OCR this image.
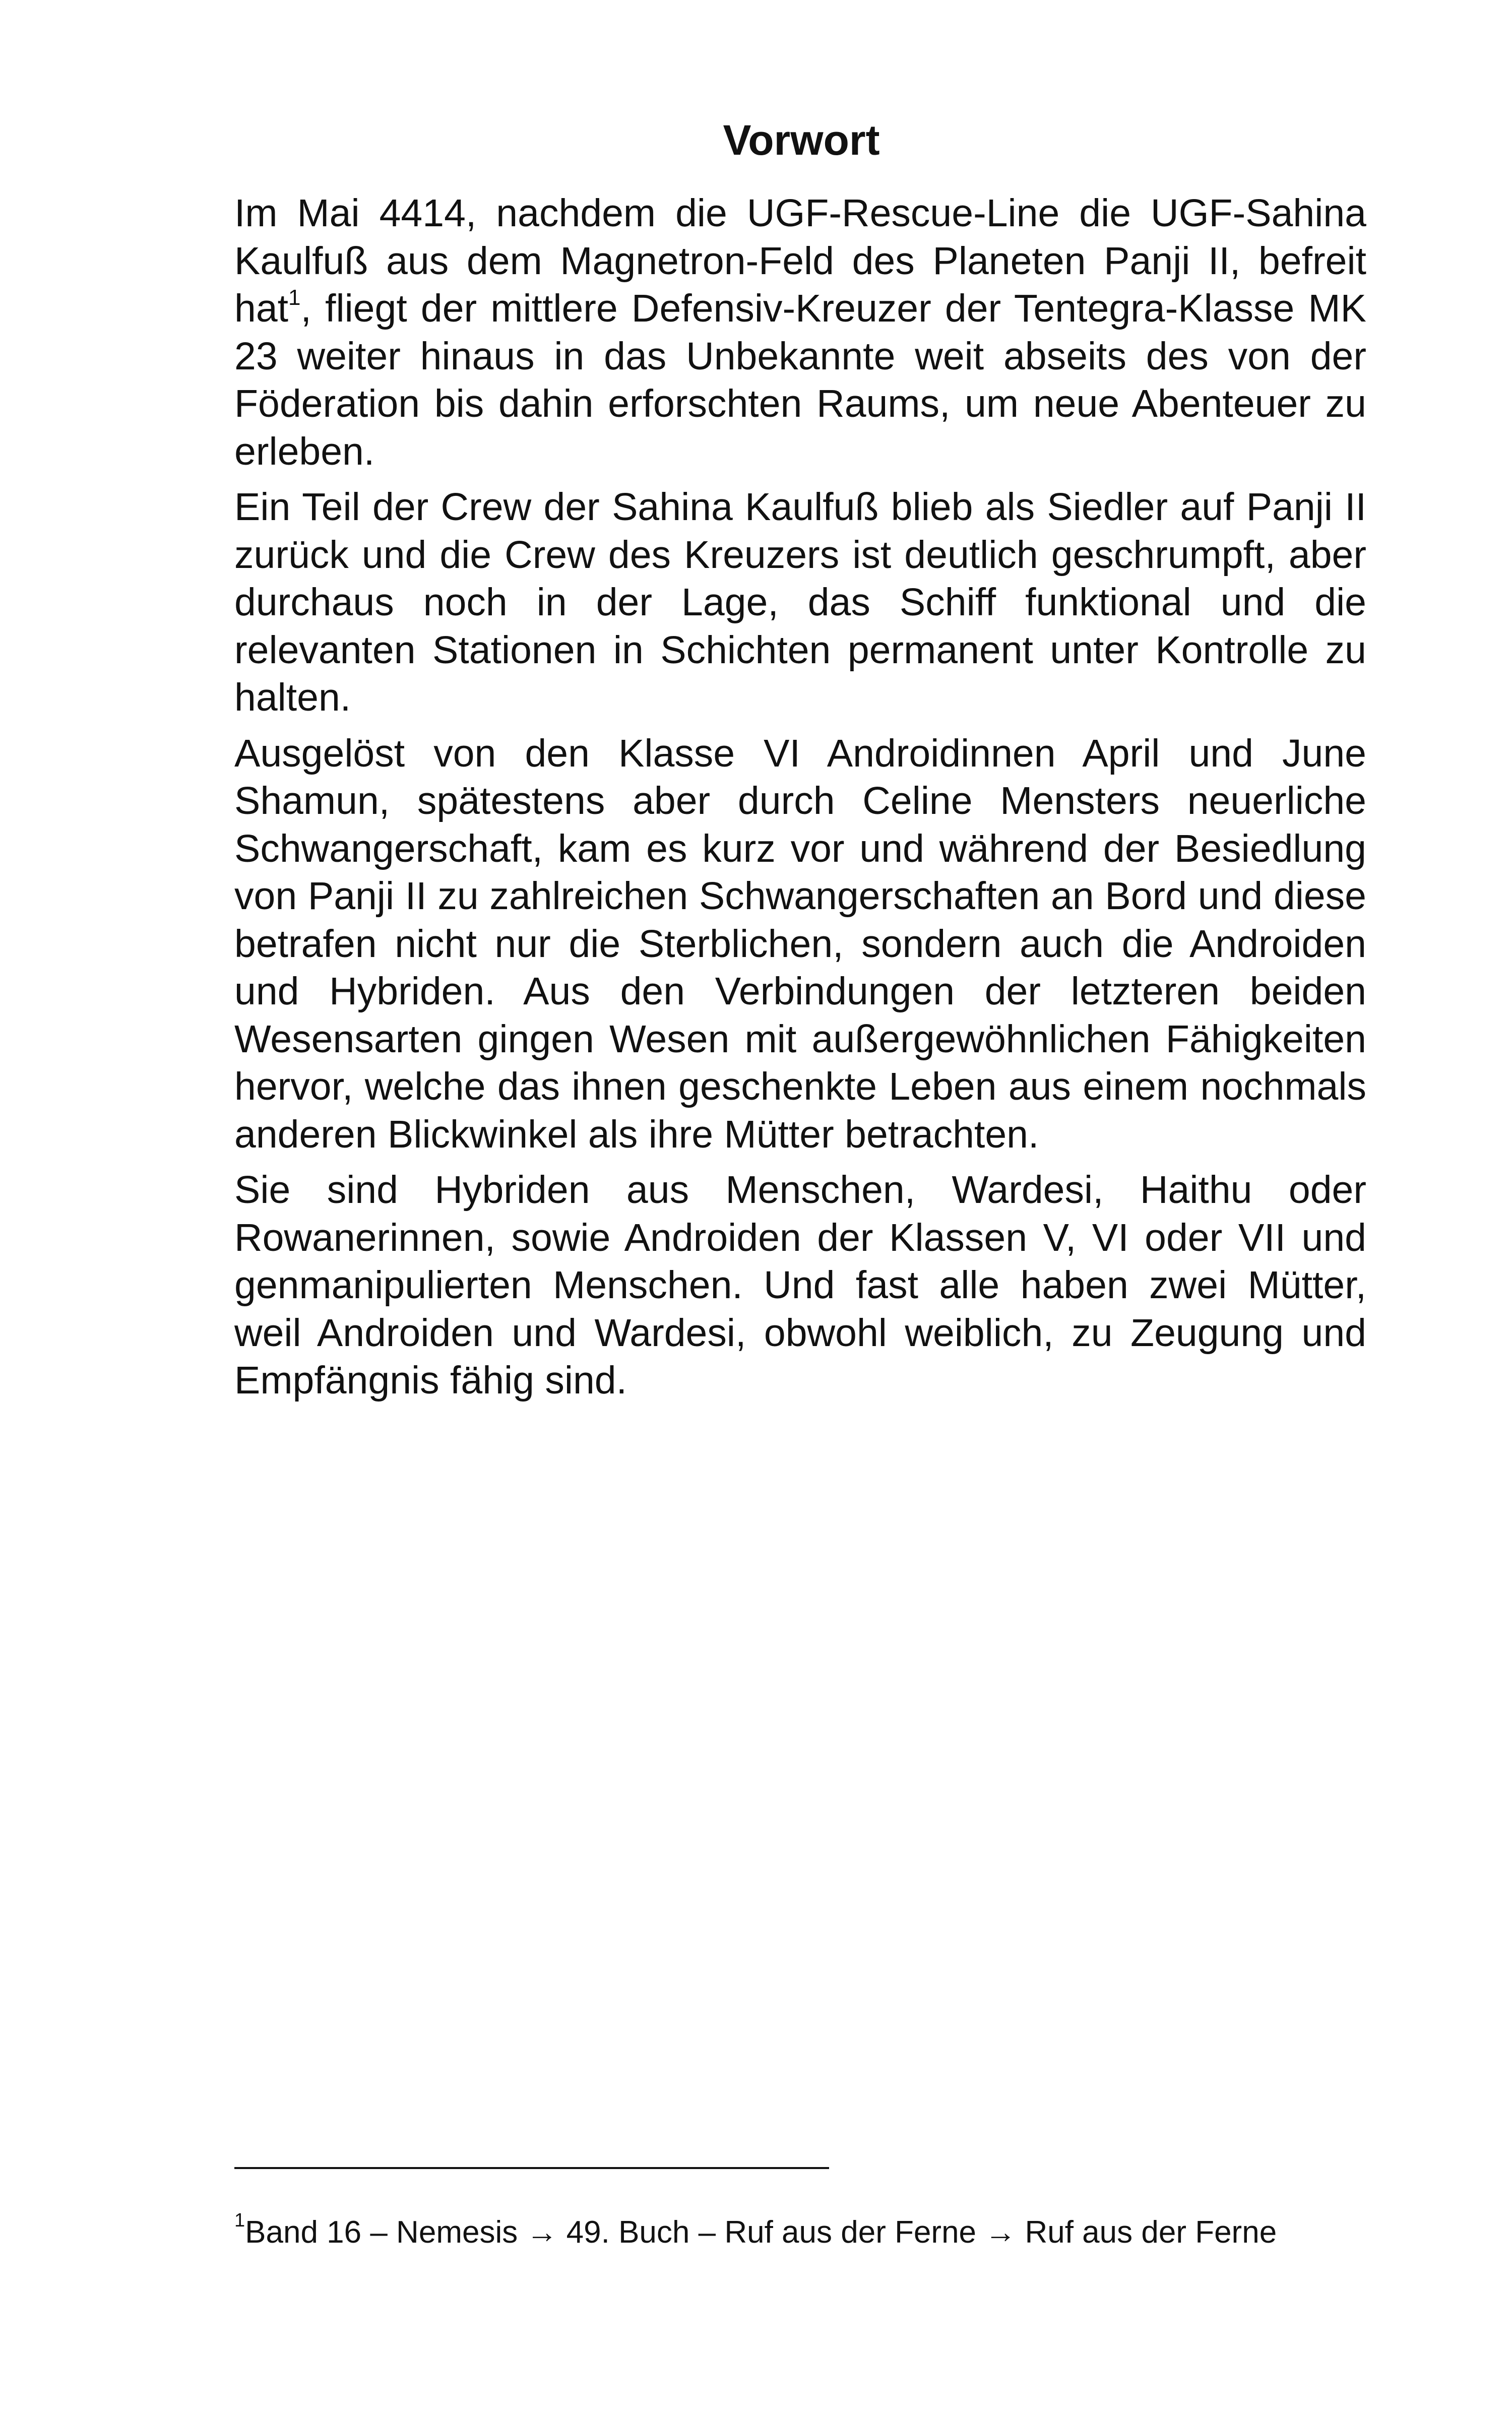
Vorwort

Im Mai 4414, nachdem die UGF-Rescue-Line die UGF-Sahina Kaulfuß aus dem Magnetron-Feld des Planeten Panji II, befreit hat$^1$, fliegt der mittlere Defensiv-Kreuzer der Tentegra-Klasse MK 23 weiter hinaus in das Unbekannte weit abseits des von der Föderation bis dahin erforschten Raums, um neue Abenteuer zu erleben.

Ein Teil der Crew der Sahina Kaulfuß blieb als Siedler auf Panji II zurück und die Crew des Kreuzers ist deutlich geschrumpft, aber durchaus noch in der Lage, das Schiff funktional und die relevanten Stationen in Schichten permanent unter Kontrolle zu halten.

Ausgelöst von den Klasse VI Androidinnen April und June Shamun, spätestens aber durch Celine Mensters neuerliche Schwangerschaft, kam es kurz vor und während der Besiedlung von Panji II zu zahlreichen Schwangerschaften an Bord und diese betrafen nicht nur die Sterblichen, sondern auch die Androiden und Hybriden. Aus den Verbindungen der letzteren beiden Wesensarten gingen Wesen mit außergewöhnlichen Fähigkeiten hervor, welche das ihnen geschenkte Leben aus einem nochmals anderen Blickwinkel als ihre Mütter betrachten.

Sie sind Hybriden aus Menschen, Wardesi, Haithu oder Rowanerinnen, sowie Androiden der Klassen V, VI oder VII und genmanipulierten Menschen. Und fast alle haben zwei Mütter, weil Androiden und Wardesi, obwohl weiblich, zu Zeugung und Empfängnis fähig sind.

$^1$Band 16 – Nemesis → 49. Buch – Ruf aus der Ferne → Ruf aus der Ferne
